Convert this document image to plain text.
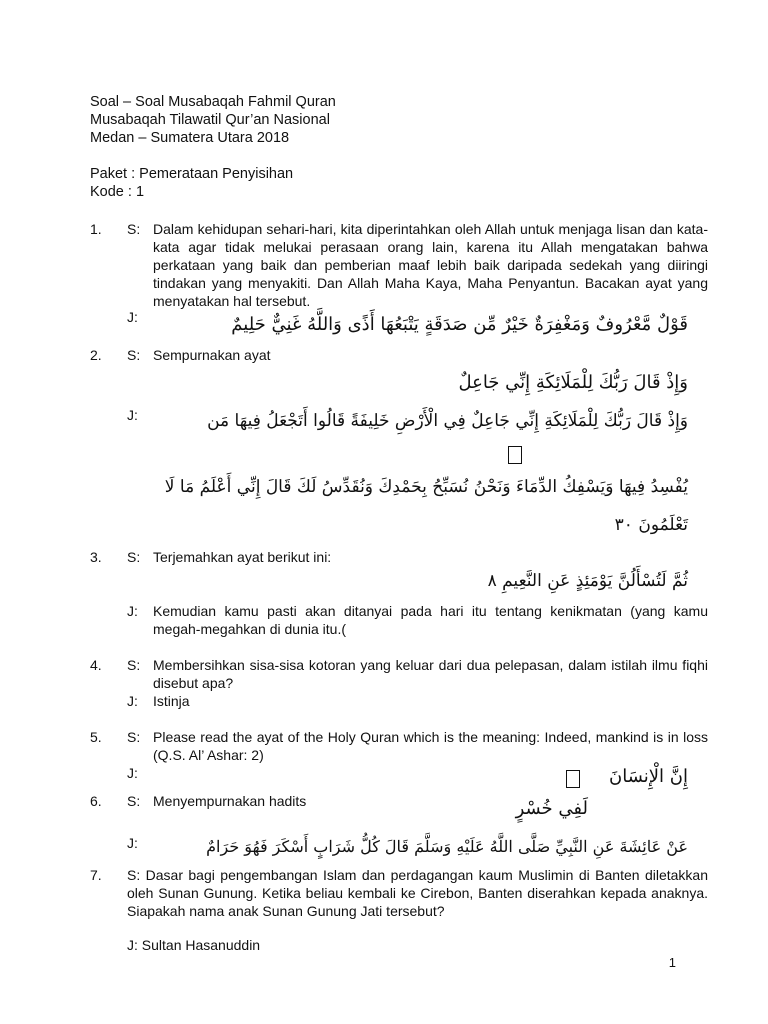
Soal – Soal Musabaqah Fahmil Quran
Musabaqah Tilawatil Qur’an Nasional
Medan – Sumatera Utara 2018
Paket : Pemerataan Penyisihan
Kode : 1
1.	S: Dalam kehidupan sehari-hari, kita diperintahkan oleh Allah untuk menjaga lisan dan kata-kata agar tidak melukai perasaan orang lain, karena itu Allah mengatakan bahwa perkataan yang baik dan pemberian maaf lebih baik daripada sedekah yang diiringi tindakan yang menyakiti. Dan Allah Maha Kaya, Maha Penyantun. Bacakan ayat yang menyatakan hal tersebut.
J:	قَوْلٌ مَّعْرُوفٌ وَمَغْفِرَةٌ خَيْرٌ مِّن صَدَقَةٍ يَتْبَعُهَا أَذًى وَاللَّهُ غَنِيٌّ حَلِيمٌ
2.	S: Sempurnakan ayat
وَإِذْ قَالَ رَبُّكَ لِلْمَلَائِكَةِ إِنِّي جَاعِلٌ
J:	وَإِذْ قَالَ رَبُّكَ لِلْمَلَائِكَةِ إِنِّي جَاعِلٌ فِي الْأَرْضِ خَلِيفَةً قَالُوا أَتَجْعَلُ فِيهَا مَن
يُفْسِدُ فِيهَا وَيَسْفِكُ الدِّمَاءَ وَنَحْنُ نُسَبِّحُ بِحَمْدِكَ وَنُقَدِّسُ لَكَ قَالَ إِنِّي أَعْلَمُ مَا لَا
تَعْلَمُونَ ٣٠
3.	S: Terjemahkan ayat berikut ini:
ثُمَّ لَتُسْأَلُنَّ يَوْمَئِذٍ عَنِ النَّعِيمِ ٨
J:	Kemudian kamu pasti akan ditanyai pada hari itu tentang kenikmatan (yang kamu megah-megahkan di dunia itu.(
4.	S: Membersihkan sisa-sisa kotoran yang keluar dari dua pelepasan, dalam istilah ilmu fiqhi disebut apa?
J:	Istinja
5.	S: Please read the ayat of the Holy Quran which is the meaning: Indeed, mankind is in loss (Q.S. Al’ Ashar: 2)
J:	إِنَّ الْإِنسَانَ
لَفِي خُسْرٍ
6.	S: Menyempurnakan hadits
J:	عَنْ عَائِشَةَ عَنِ النَّبِيِّ صَلَّى اللَّهُ عَلَيْهِ وَسَلَّمَ قَالَ كُلُّ شَرَابٍ أَسْكَرَ فَهُوَ حَرَامٌ
7.	S: Dasar bagi pengembangan Islam dan perdagangan kaum Muslimin di Banten diletakkan oleh Sunan Gunung. Ketika beliau kembali ke Cirebon, Banten diserahkan kepada anaknya. Siapakah nama anak Sunan Gunung Jati tersebut?
J: Sultan Hasanuddin
1
